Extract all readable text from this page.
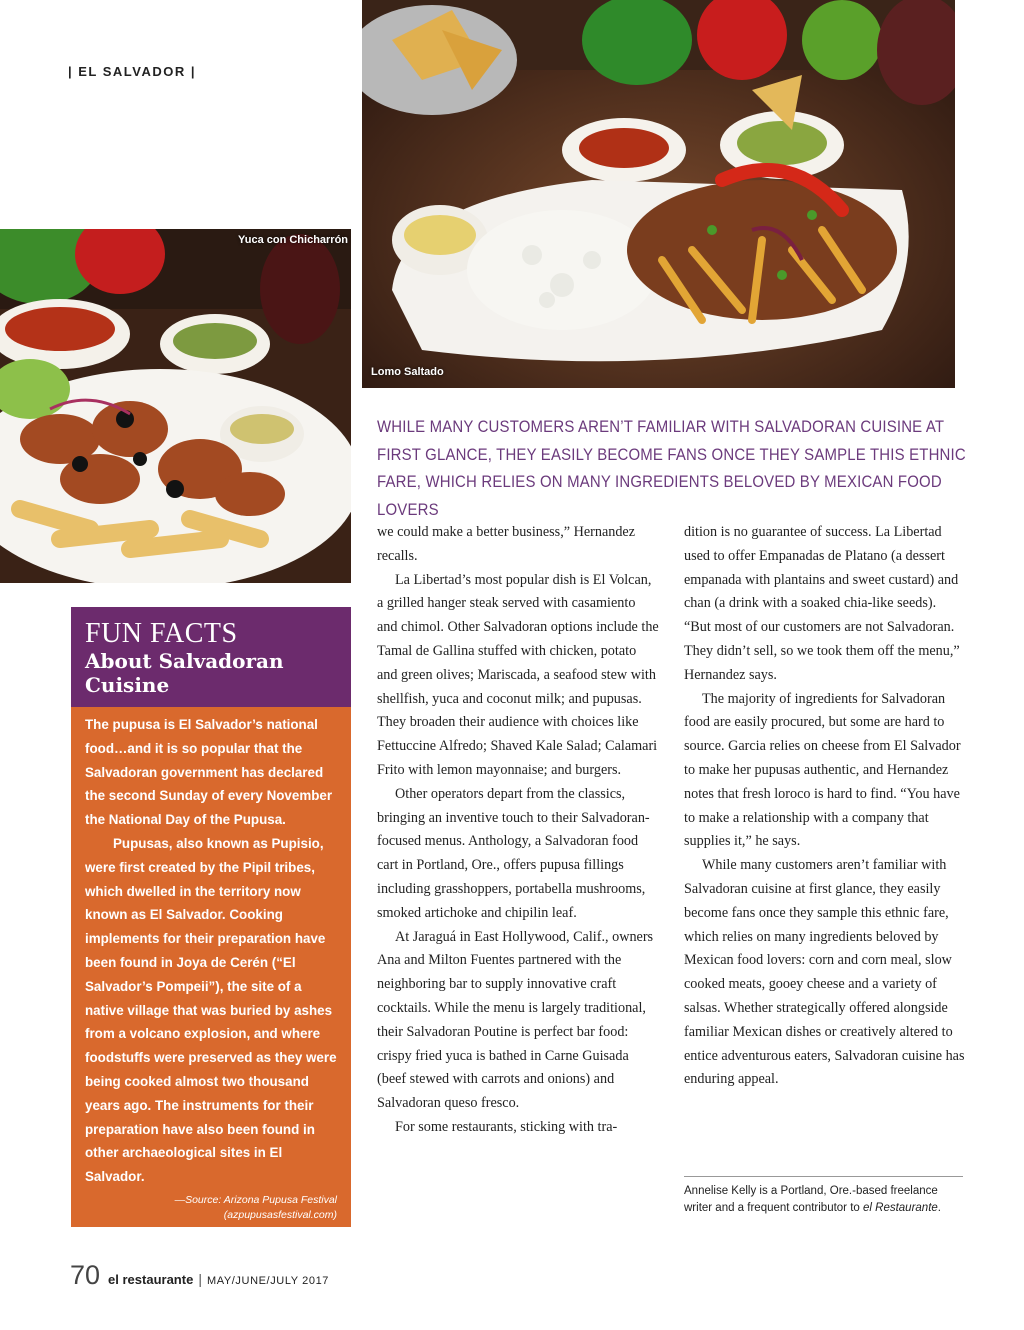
| EL SALVADOR |
Lomo Saltado
Yuca con Chicharrón
WHILE MANY CUSTOMERS AREN’T FAMILIAR WITH SALVADORAN CUISINE AT FIRST GLANCE, THEY EASILY BECOME FANS ONCE THEY SAMPLE THIS ETHNIC FARE, WHICH RELIES ON MANY INGREDIENTS BELOVED BY MEXICAN FOOD LOVERS
FUN FACTS
About Salvadoran
Cuisine

The pupusa is El Salvador’s national food…and it is so popular that the Salvadoran government has declared the second Sunday of every November the National Day of the Pupusa.

Pupusas, also known as Pupisio, were first created by the Pipil tribes, which dwelled in the territory now known as El Salvador. Cooking implements for their preparation have been found in Joya de Cerén (“El Salvador’s Pompeii”), the site of a native village that was buried by ashes from a volcano explosion, and where foodstuffs were preserved as they were being cooked almost two thousand years ago. The instruments for their preparation have also been found in other archaeological sites in El Salvador.

—Source: Arizona Pupusa Festival
(azpupusasfestival.com)

we could make a better business,” Hernandez recalls.

La Libertad’s most popular dish is El Volcan, a grilled hanger steak served with casamiento and chimol. Other Salvadoran options include the Tamal de Gallina stuffed with chicken, potato and green olives; Mariscada, a seafood stew with shellfish, yuca and coconut milk; and pupusas. They broaden their audience with choices like Fettuccine Alfredo; Shaved Kale Salad; Calamari Frito with lemon mayonnaise; and burgers.

Other operators depart from the classics, bringing an inventive touch to their Salvadoran-focused menus. Anthology, a Salvadoran food cart in Portland, Ore., offers pupusa fillings including grasshoppers, portabella mushrooms, smoked artichoke and chipilin leaf.

At Jaraguá in East Hollywood, Calif., owners Ana and Milton Fuentes partnered with the neighboring bar to supply innovative craft cocktails. While the menu is largely traditional, their Salvadoran Poutine is perfect bar food: crispy fried yuca is bathed in Carne Guisada (beef stewed with carrots and onions) and Salvadoran queso fresco.

For some restaurants, sticking with tra-

dition is no guarantee of success. La Libertad used to offer Empanadas de Platano (a dessert empanada with plantains and sweet custard) and chan (a drink with a soaked chia-like seeds). “But most of our customers are not Salvadoran. They didn’t sell, so we took them off the menu,” Hernandez says.

The majority of ingredients for Salvadoran food are easily procured, but some are hard to source. Garcia relies on cheese from El Salvador to make her pupusas authentic, and Hernandez notes that fresh loroco is hard to find. “You have to make a relationship with a company that supplies it,” he says.

While many customers aren’t familiar with Salvadoran cuisine at first glance, they easily become fans once they sample this ethnic fare, which relies on many ingredients beloved by Mexican food lovers: corn and corn meal, slow cooked meats, gooey cheese and a variety of salsas. Whether strategically offered alongside familiar Mexican dishes or creatively altered to entice adventurous eaters, Salvadoran cuisine has enduring appeal.

Annelise Kelly is a Portland, Ore.-based freelance writer and a frequent contributor to el Restaurante.
70 el restaurante | MAY/JUNE/JULY 2017
